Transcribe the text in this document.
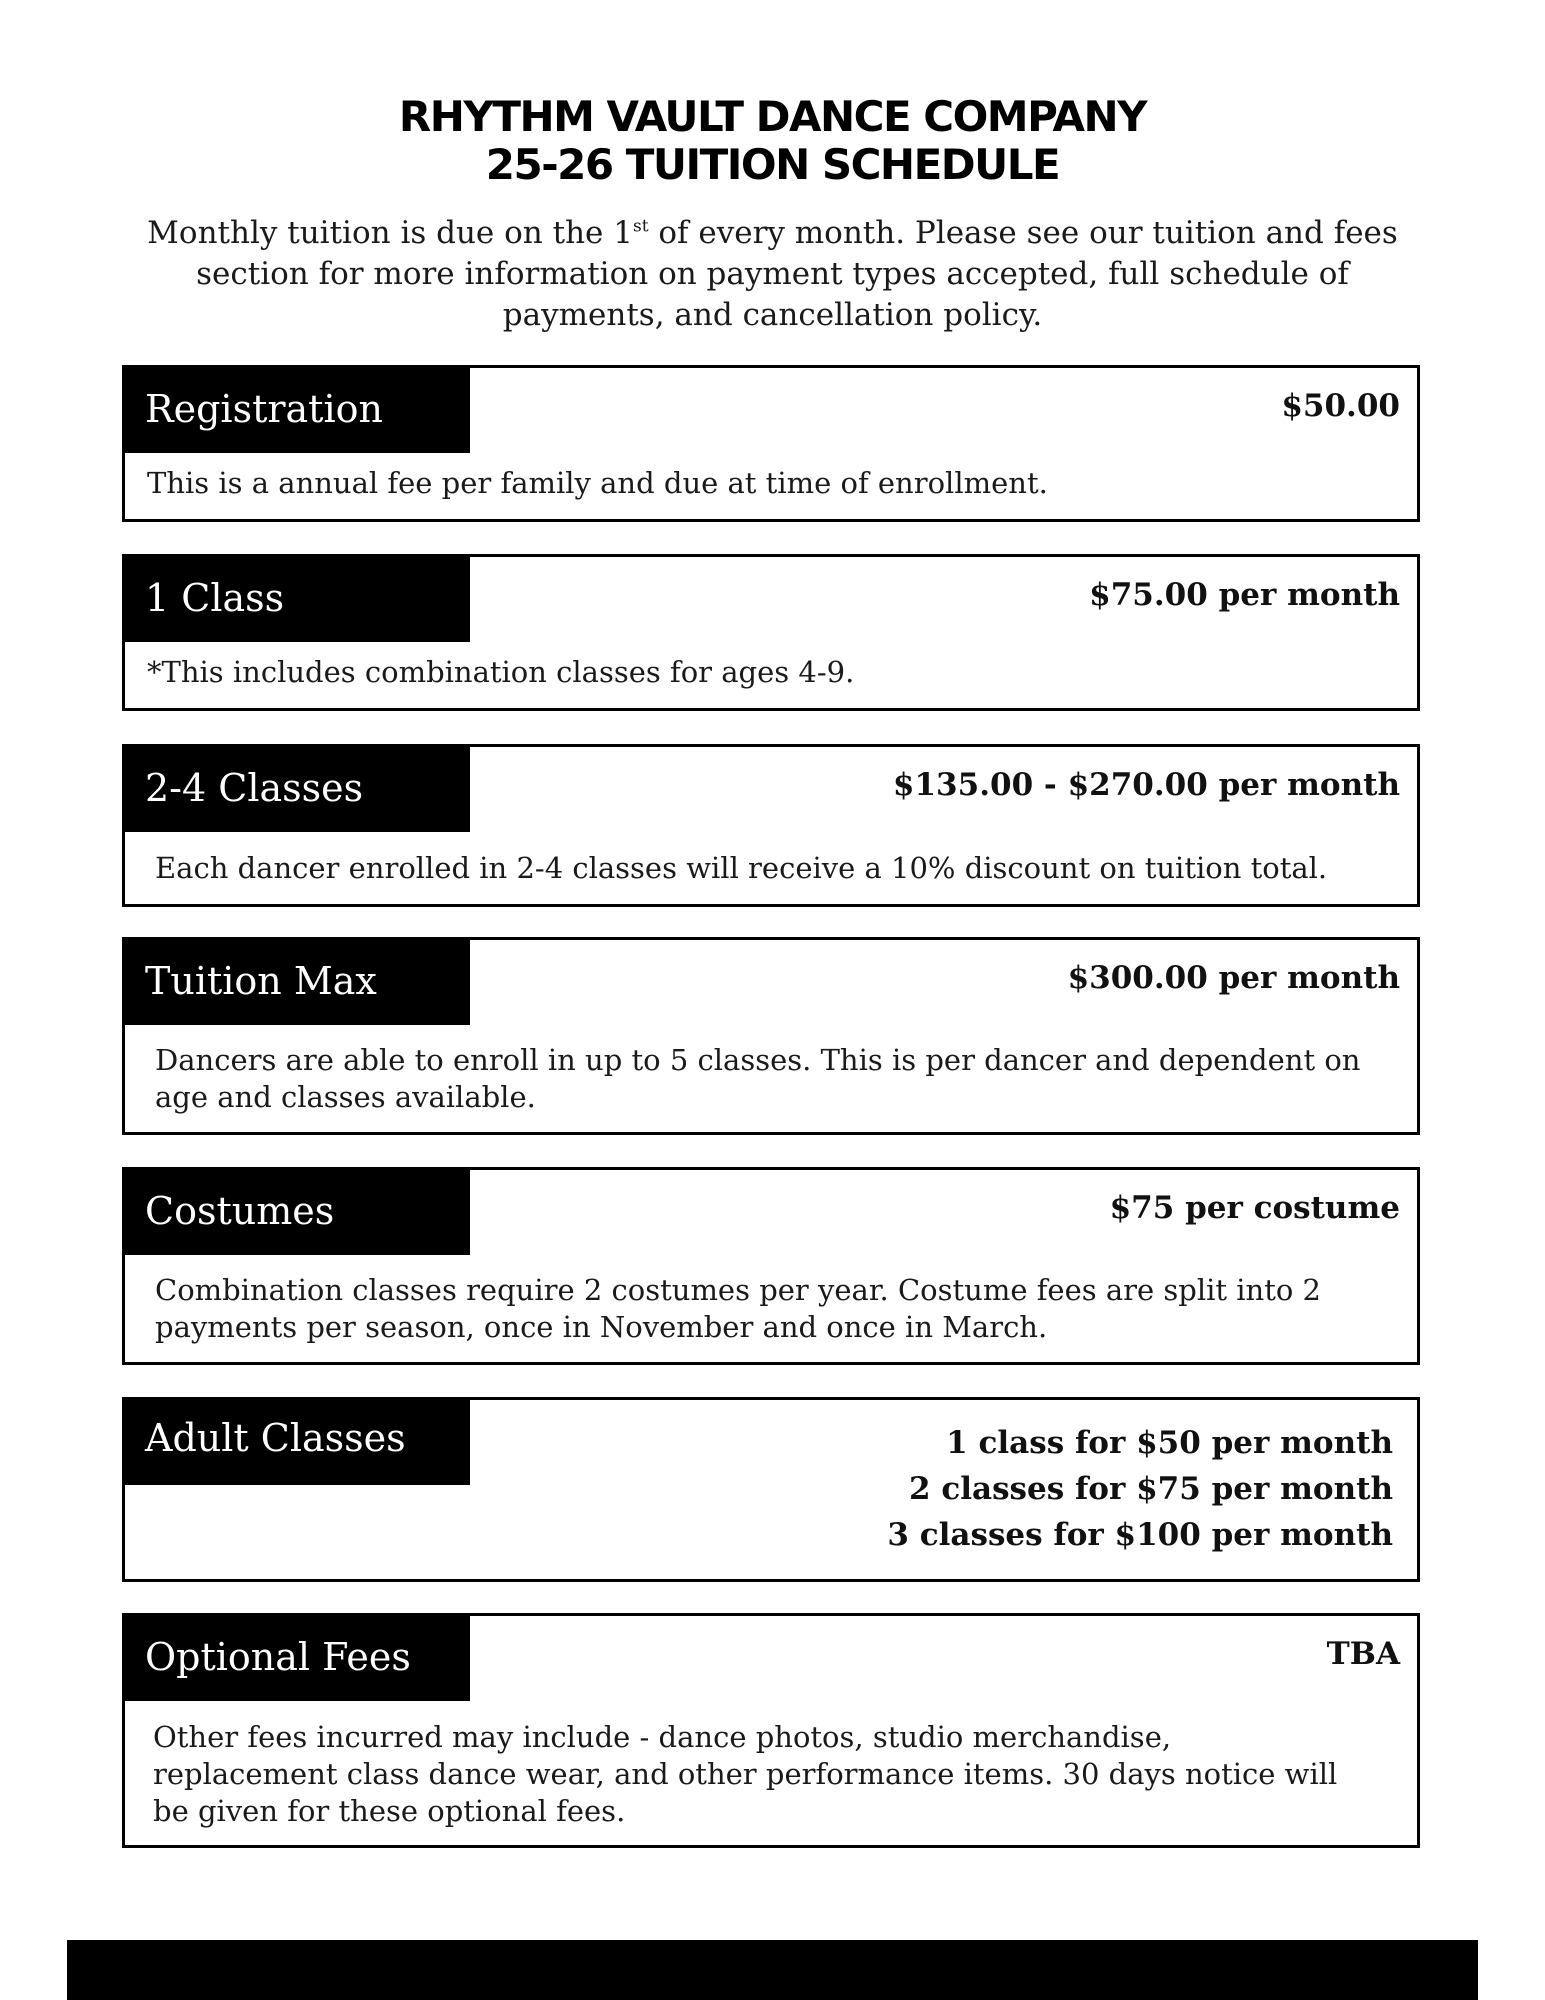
RHYTHM VAULT DANCE COMPANY
25-26 TUITION SCHEDULE
Monthly tuition is due on the 1st of every month. Please see our tuition and fees section for more information on payment types accepted, full schedule of payments, and cancellation policy.
Registration	$50.00
This is a annual fee per family and due at time of enrollment.
1 Class	$75.00 per month
*This includes combination classes for ages 4-9.
2-4 Classes	$135.00 - $270.00 per month
Each dancer enrolled in 2-4 classes will receive a 10% discount on tuition total.
Tuition Max	$300.00 per month
Dancers are able to enroll in up to 5 classes. This is per dancer and dependent on age and classes available.
Costumes	$75 per costume
Combination classes require 2 costumes per year. Costume fees are split into 2 payments per season, once in November and once in March.
Adult Classes	1 class for $50 per month
2 classes for $75 per month
3 classes for $100 per month
Optional Fees	TBA
Other fees incurred may include - dance photos, studio merchandise, replacement class dance wear, and other performance items. 30 days notice will be given for these optional fees.
